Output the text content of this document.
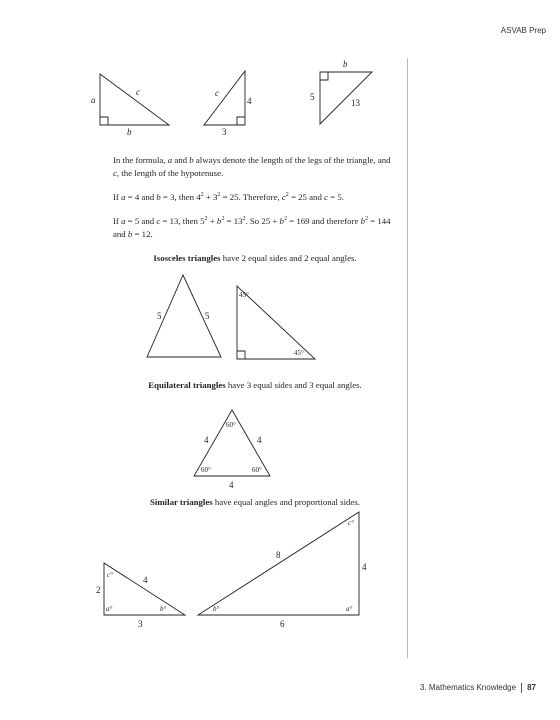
ASVAB Prep
a
c
b
c
4
3
b
5
13
5	5
45°
45°
60°
60°	60°
4	4
4
c°
a°	b°
2
4
3
c°
a°
b°
8
4
6

In the formula, a and b always denote the length of the legs of the triangle, and c, the length of the hypotenuse.

If a = 4 and b = 3, then $4^2 + 3^2 = 25$. Therefore, $c^2 = 25$ and c = 5.

If a = 5 and c = 13, then $5^2 + b^2 = 13^2$. So $25 + b^2 = 169$ and therefore $b^2 = 144$ and b = 12.

Isosceles triangles have 2 equal sides and 2 equal angles.

Equilateral triangles have 3 equal sides and 3 equal angles.

Similar triangles have equal angles and proportional sides.

3. Mathematics Knowledge 87
